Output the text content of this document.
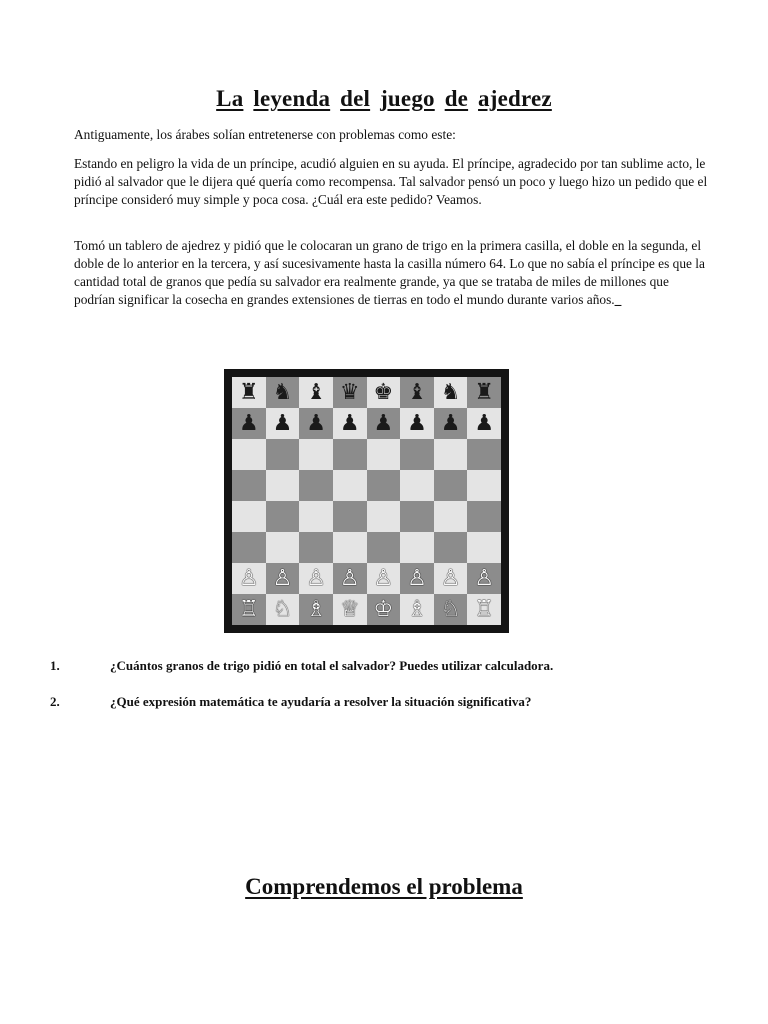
La leyenda del juego de ajedrez

Antiguamente, los árabes solían entretenerse con problemas como este:

Estando en peligro la vida de un príncipe, acudió alguien en su ayuda. El príncipe, agradecido por tan sublime acto, le pidió al salvador que le dijera qué quería como recompensa. Tal salvador pensó un poco y luego hizo un pedido que el príncipe consideró muy simple y poca cosa. ¿Cuál era este pedido? Veamos.

Tomó un tablero de ajedrez y pidió que le colocaran un grano de trigo en la primera casilla, el doble en la segunda, el doble de lo anterior en la tercera, y así sucesivamente hasta la casilla número 64. Lo que no sabía el príncipe es que la cantidad total de granos que pedía su salvador era realmente grande, ya que se trataba de miles de millones que podrían significar la cosecha en grandes extensiones de tierras en todo el mundo durante varios años._

♜ ♞ ♝ ♛ ♚ ♝ ♞ ♜
♟ ♟ ♟ ♟ ♟ ♟ ♟ ♟
♙ ♙ ♙ ♙ ♙ ♙ ♙ ♙
♖ ♘ ♗ ♕ ♔ ♗ ♘ ♖
1.	¿Cuántos granos de trigo pidió en total el salvador? Puedes utilizar calculadora.
2.	¿Qué expresión matemática te ayudaría a resolver la situación significativa?
Comprendemos el problema
